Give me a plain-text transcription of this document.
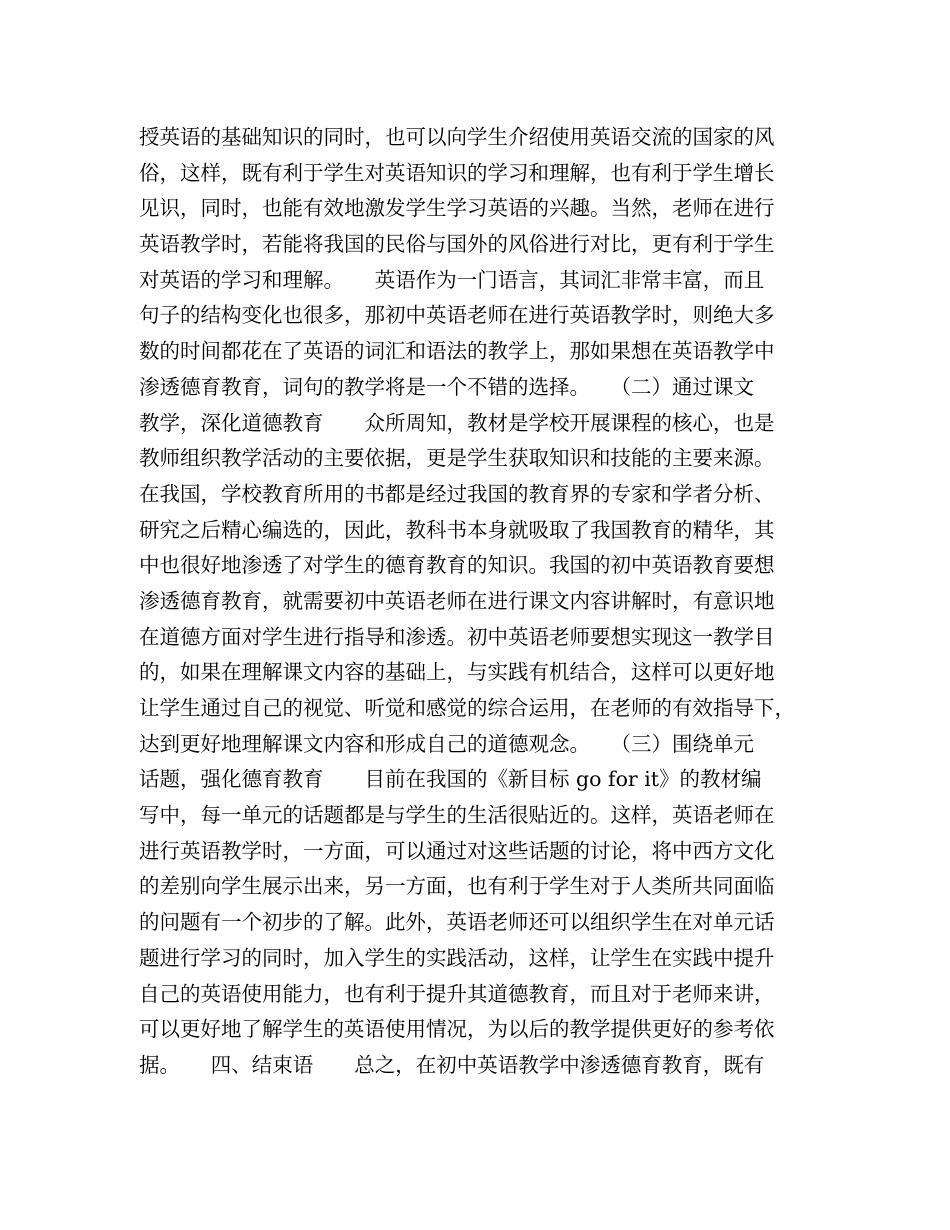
授英语的基础知识的同时，也可以向学生介绍使用英语交流的国家的风
俗，这样，既有利于学生对英语知识的学习和理解，也有利于学生增长
见识，同时，也能有效地激发学生学习英语的兴趣。当然，老师在进行
英语教学时，若能将我国的民俗与国外的风俗进行对比，更有利于学生
对英语的学习和理解。　　英语作为一门语言，其词汇非常丰富，而且
句子的结构变化也很多，那初中英语老师在进行英语教学时，则绝大多
数的时间都花在了英语的词汇和语法的教学上，那如果想在英语教学中
渗透德育教育，词句的教学将是一个不错的选择。　　（二）通过课文
教学，深化道德教育　　众所周知，教材是学校开展课程的核心，也是
教师组织教学活动的主要依据，更是学生获取知识和技能的主要来源。
在我国，学校教育所用的书都是经过我国的教育界的专家和学者分析、
研究之后精心编选的，因此，教科书本身就吸取了我国教育的精华，其
中也很好地渗透了对学生的德育教育的知识。我国的初中英语教育要想
渗透德育教育，就需要初中英语老师在进行课文内容讲解时，有意识地
在道德方面对学生进行指导和渗透。初中英语老师要想实现这一教学目
的，如果在理解课文内容的基础上，与实践有机结合，这样可以更好地
让学生通过自己的视觉、听觉和感觉的综合运用，在老师的有效指导下，
达到更好地理解课文内容和形成自己的道德观念。　　（三）围绕单元
话题，强化德育教育　　目前在我国的《新目标 go for it》的教材编
写中，每一单元的话题都是与学生的生活很贴近的。这样，英语老师在
进行英语教学时，一方面，可以通过对这些话题的讨论，将中西方文化
的差别向学生展示出来，另一方面，也有利于学生对于人类所共同面临
的问题有一个初步的了解。此外，英语老师还可以组织学生在对单元话
题进行学习的同时，加入学生的实践活动，这样，让学生在实践中提升
自己的英语使用能力，也有利于提升其道德教育，而且对于老师来讲，
可以更好地了解学生的英语使用情况，为以后的教学提供更好的参考依
据。　　四、结束语　　总之，在初中英语教学中渗透德育教育，既有
